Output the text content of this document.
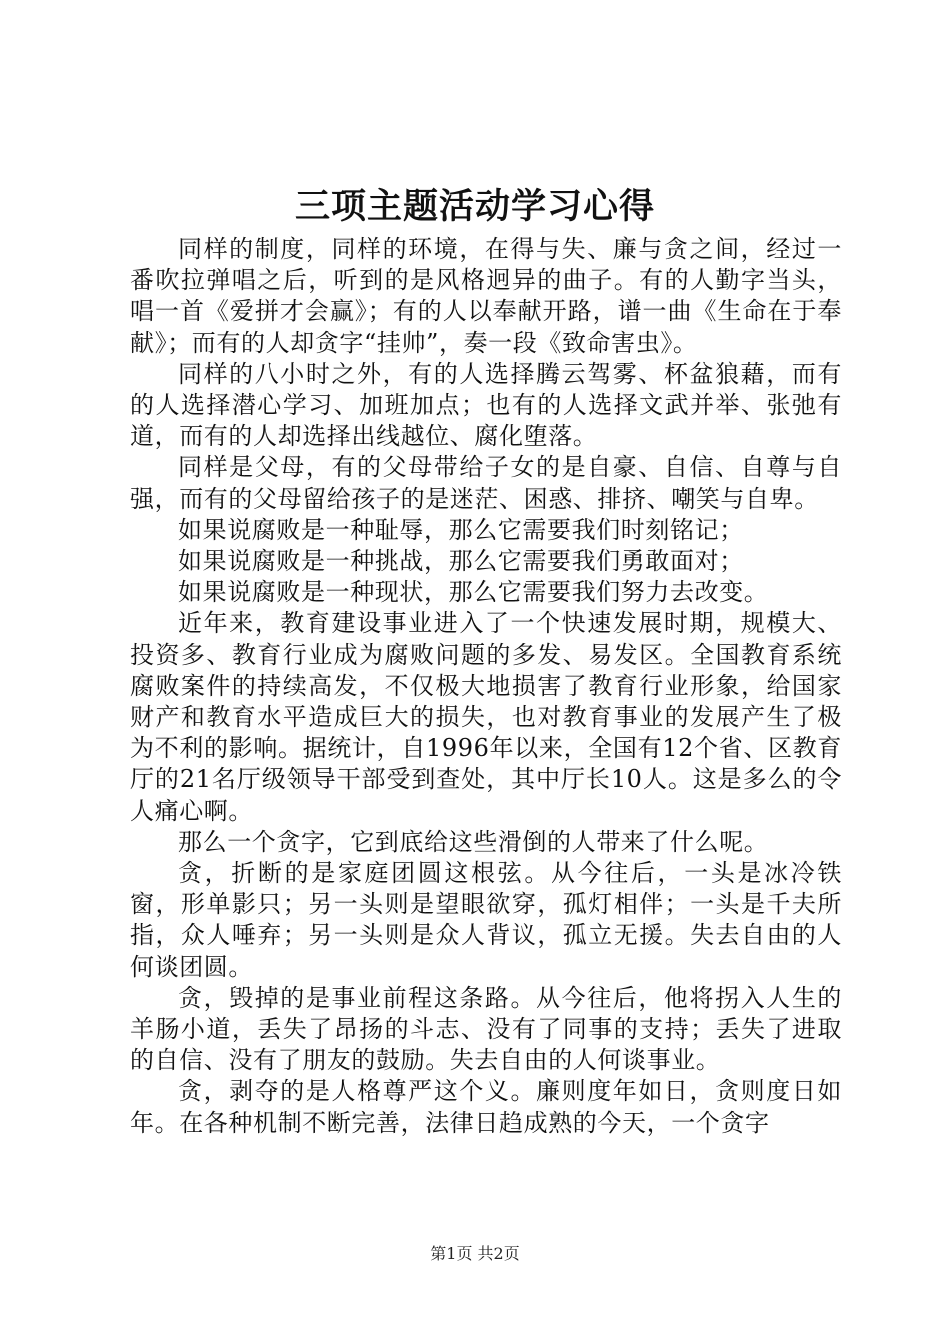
三项主题活动学习心得

同样的制度，同样的环境，在得与失、廉与贪之间，经过一番吹拉弹唱之后，听到的是风格迥异的曲子。有的人勤字当头，唱一首《爱拼才会赢》；有的人以奉献开路，谱一曲《生命在于奉献》；而有的人却贪字“挂帅”，奏一段《致命害虫》。

同样的八小时之外，有的人选择腾云驾雾、杯盆狼藉，而有的人选择潜心学习、加班加点；也有的人选择文武并举、张弛有道，而有的人却选择出线越位、腐化堕落。

同样是父母，有的父母带给子女的是自豪、自信、自尊与自强，而有的父母留给孩子的是迷茫、困惑、排挤、嘲笑与自卑。

如果说腐败是一种耻辱，那么它需要我们时刻铭记；

如果说腐败是一种挑战，那么它需要我们勇敢面对；

如果说腐败是一种现状，那么它需要我们努力去改变。

近年来，教育建设事业进入了一个快速发展时期，规模大、投资多、教育行业成为腐败问题的多发、易发区。全国教育系统腐败案件的持续高发，不仅极大地损害了教育行业形象，给国家财产和教育水平造成巨大的损失，也对教育事业的发展产生了极为不利的影响。据统计，自1996年以来，全国有12个省、区教育厅的21名厅级领导干部受到查处，其中厅长10人。这是多么的令人痛心啊。

那么一个贪字，它到底给这些滑倒的人带来了什么呢。

贪，折断的是家庭团圆这根弦。从今往后，一头是冰冷铁窗，形单影只；另一头则是望眼欲穿，孤灯相伴；一头是千夫所指，众人唾弃；另一头则是众人背议，孤立无援。失去自由的人何谈团圆。

贪，毁掉的是事业前程这条路。从今往后，他将拐入人生的羊肠小道，丢失了昂扬的斗志、没有了同事的支持；丢失了进取的自信、没有了朋友的鼓励。失去自由的人何谈事业。

贪，剥夺的是人格尊严这个义。廉则度年如日，贪则度日如年。在各种机制不断完善，法律日趋成熟的今天，一个贪字

第1页 共2页
